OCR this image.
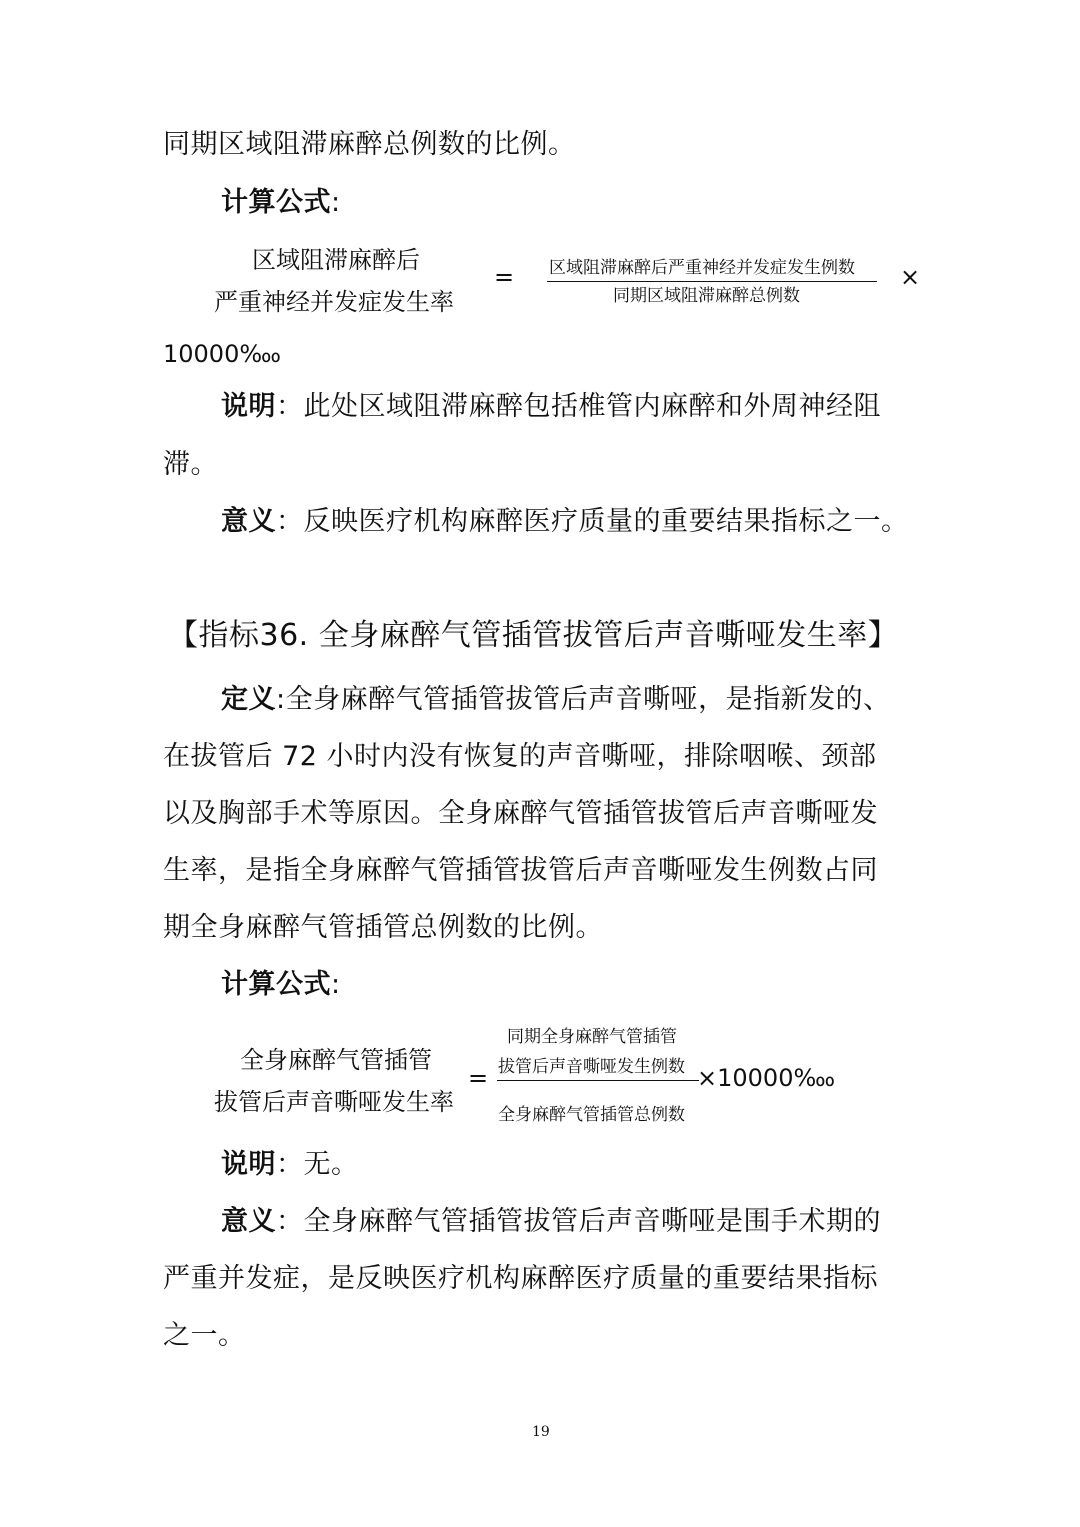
同期区域阻滞麻醉总例数的比例。
计算公式:
区域阻滞麻醉后
严重神经并发症发生率
= 区域阻滞麻醉后严重神经并发症发生例数
同期区域阻滞麻醉总例数
×
10000‱
说明：此处区域阻滞麻醉包括椎管内麻醉和外周神经阻
滞。
意义：反映医疗机构麻醉医疗质量的重要结果指标之一。
【指标36. 全身麻醉气管插管拔管后声音嘶哑发生率】
定义:全身麻醉气管插管拔管后声音嘶哑，是指新发的、
在拔管后 72 小时内没有恢复的声音嘶哑，排除咽喉、颈部
以及胸部手术等原因。全身麻醉气管插管拔管后声音嘶哑发
生率，是指全身麻醉气管插管拔管后声音嘶哑发生例数占同
期全身麻醉气管插管总例数的比例。
计算公式:
全身麻醉气管插管
拔管后声音嘶哑发生率
=
同期全身麻醉气管插管
拔管后声音嘶哑发生例数 ×10000‱
全身麻醉气管插管总例数
说明：无。
意义：全身麻醉气管插管拔管后声音嘶哑是围手术期的
严重并发症，是反映医疗机构麻醉医疗质量的重要结果指标
之一。
19
